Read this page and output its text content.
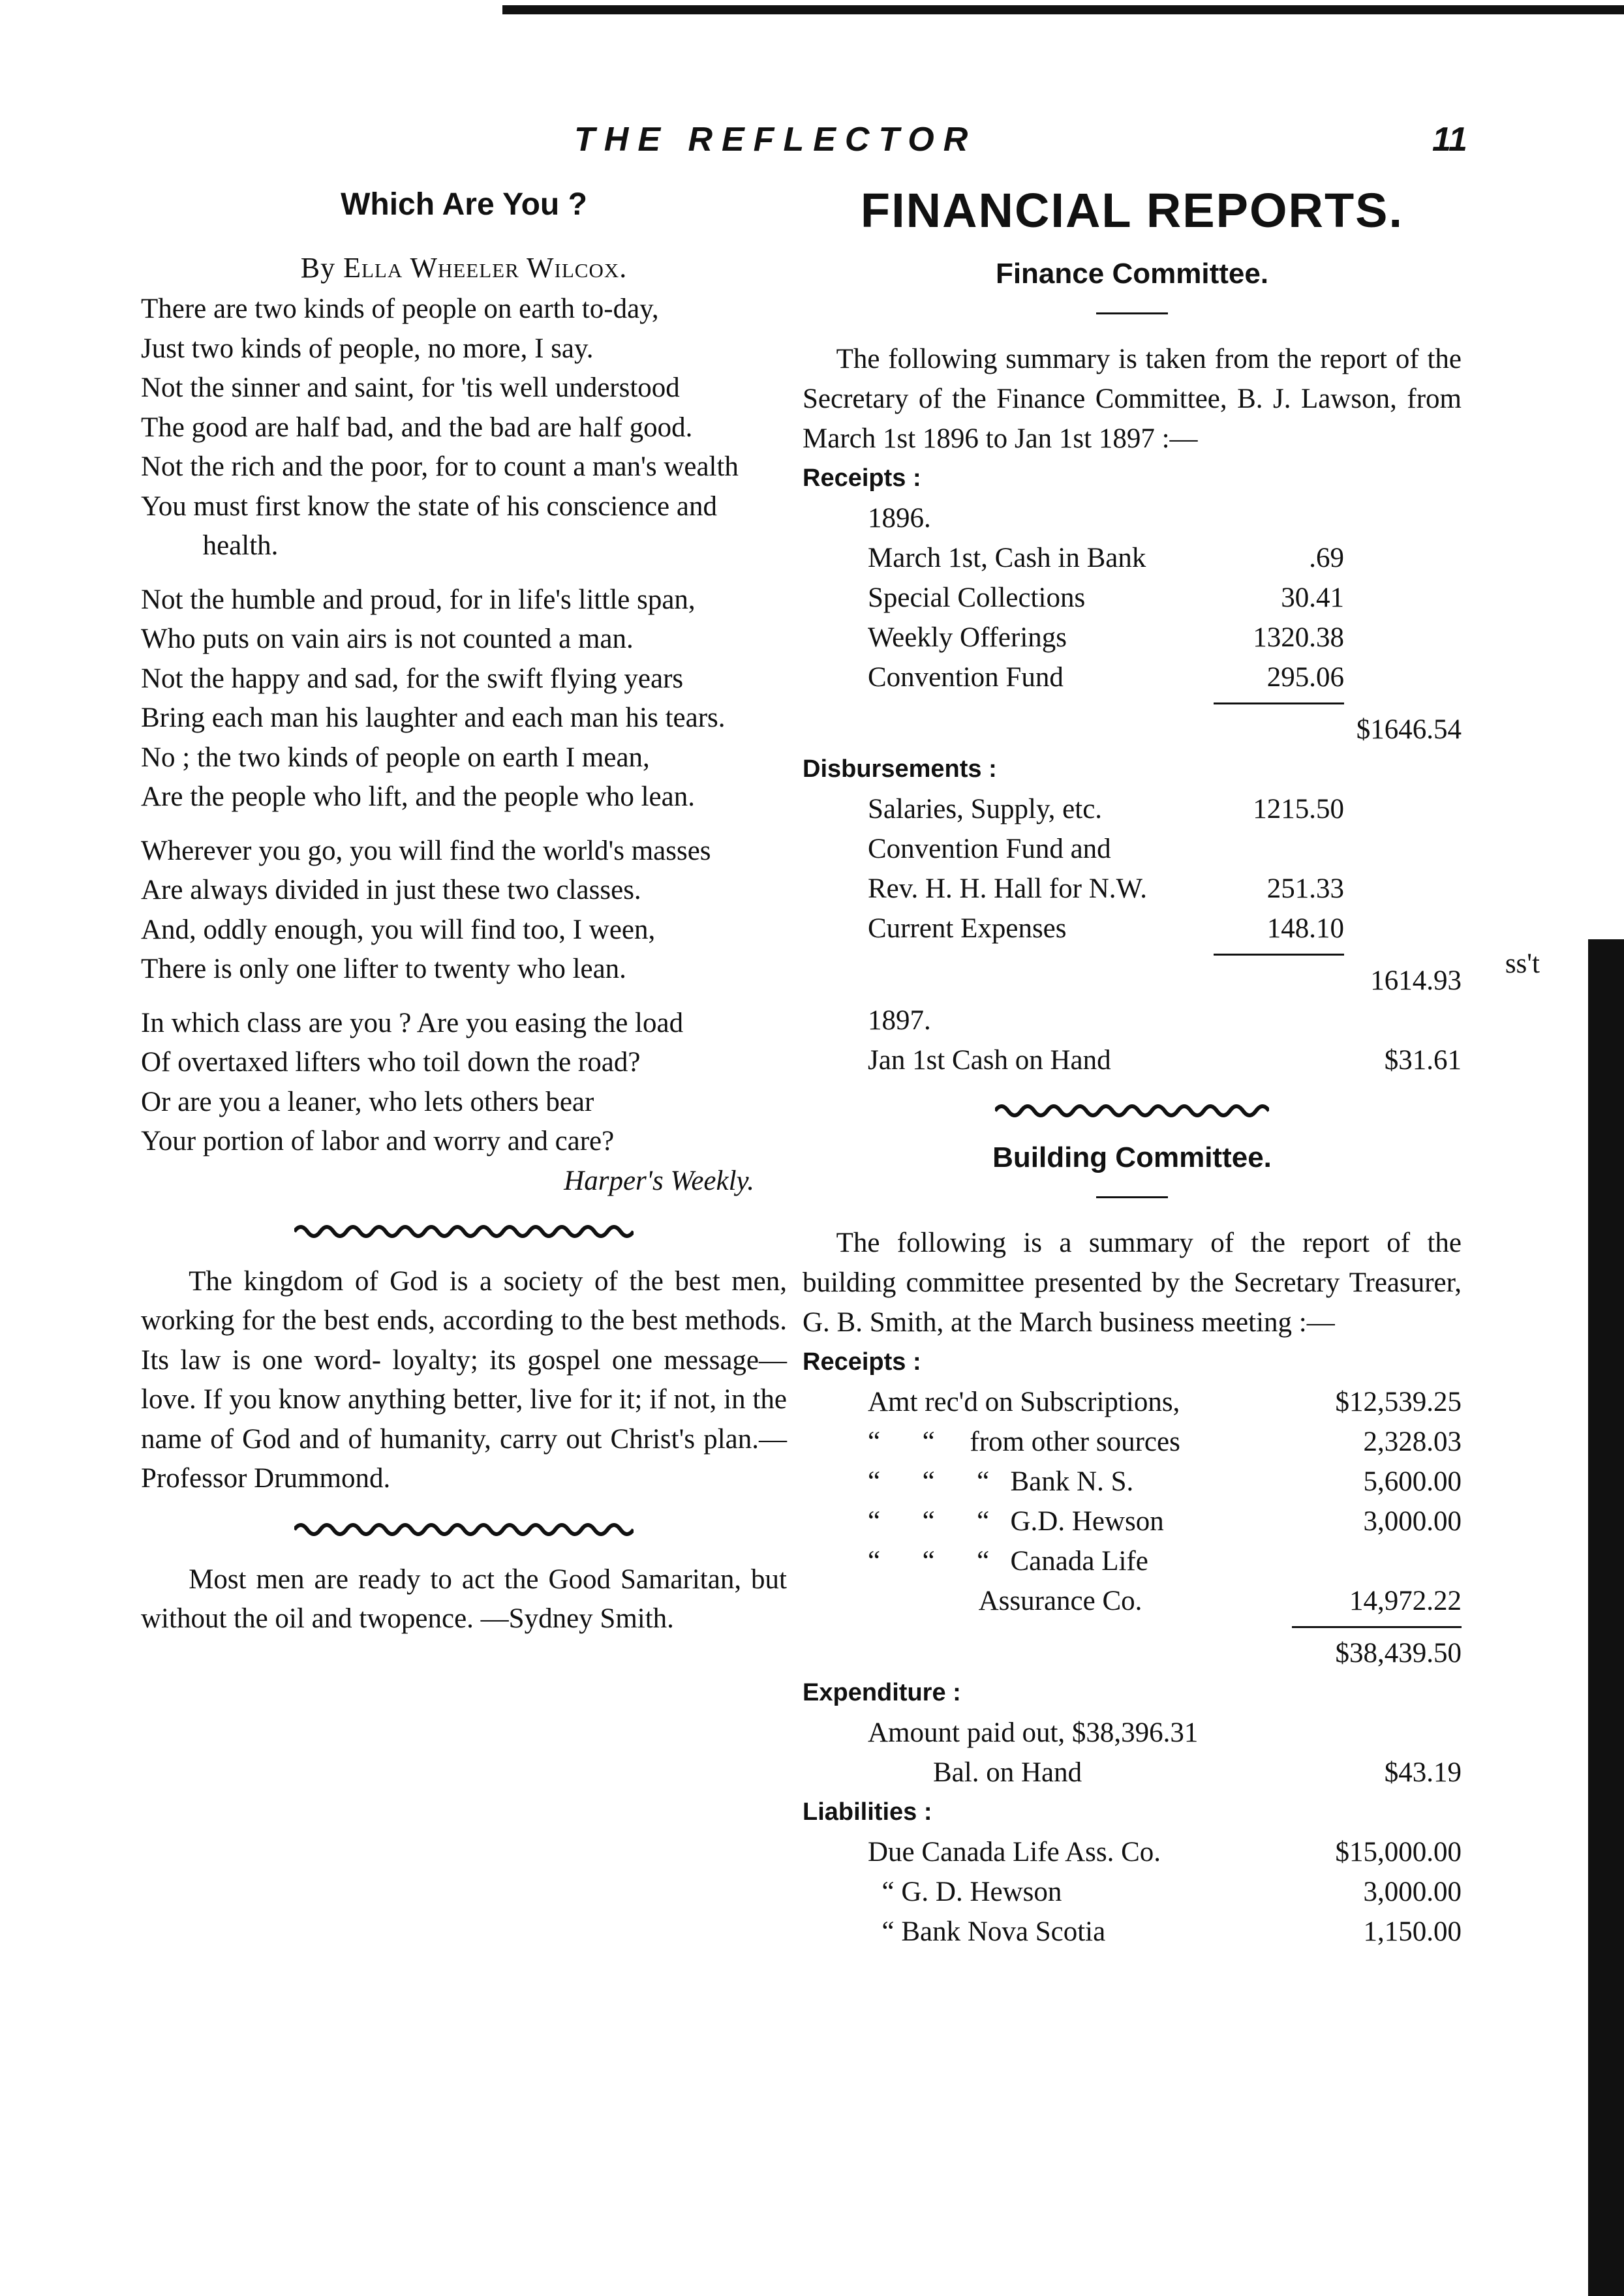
THE REFLECTOR	11
Which Are You ?
By Ella Wheeler Wilcox.
There are two kinds of people on earth to-day,
Just two kinds of people, no more, I say.
Not the sinner and saint, for 'tis well understood
The good are half bad, and the bad are half good.
Not the rich and the poor, for to count a man's wealth
You must first know the state of his conscience and health.
Not the humble and proud, for in life's little span,
Who puts on vain airs is not counted a man.
Not the happy and sad, for the swift flying years
Bring each man his laughter and each man his tears.
No ; the two kinds of people on earth I mean,
Are the people who lift, and the people who lean.
Wherever you go, you will find the world's masses
Are always divided in just these two classes.
And, oddly enough, you will find too, I ween,
There is only one lifter to twenty who lean.
In which class are you ? Are you easing the load
Of overtaxed lifters who toil down the road?
Or are you a leaner, who lets others bear
Your portion of labor and worry and care?
Harper's Weekly.
The kingdom of God is a society of the best men, working for the best ends, according to the best methods. Its law is one word- loyalty; its gospel one message—love. If you know anything better, live for it; if not, in the name of God and of humanity, carry out Christ's plan.—Professor Drummond.
Most men are ready to act the Good Samaritan, but without the oil and twopence. —Sydney Smith.
FINANCIAL REPORTS.
Finance Committee.
The following summary is taken from the report of the Secretary of the Finance Committee, B. J. Lawson, from March 1st 1896 to Jan 1st 1897 :—
Receipts :
1896.
March 1st, Cash in Bank	.69
Special Collections	30.41
Weekly Offerings	1320.38
Convention Fund	295.06
$1646.54
Disbursements :
Salaries, Supply, etc.	1215.50
Convention Fund and
Rev. H. H. Hall for N.W.	251.33
Current Expenses	148.10
1614.93
ss't
1897.
Jan 1st Cash on Hand	$31.61
Building Committee.
The following is a summary of the report of the building committee presented by the Secretary Treasurer, G. B. Smith, at the March business meeting :—
Receipts :
Amt rec'd on Subscriptions,	$12,539.25
“      “     from other sources	2,328.03
“      “      “   Bank N. S.	5,600.00
“      “      “   G.D. Hewson	3,000.00
“      “      “   Canada Life
Assurance Co.	14,972.22
$38,439.50
Expenditure :
Amount paid out, $38,396.31
Bal. on Hand	$43.19
Liabilities :
Due Canada Life Ass. Co.	$15,000.00
“ G. D. Hewson	3,000.00
“ Bank Nova Scotia	1,150.00
